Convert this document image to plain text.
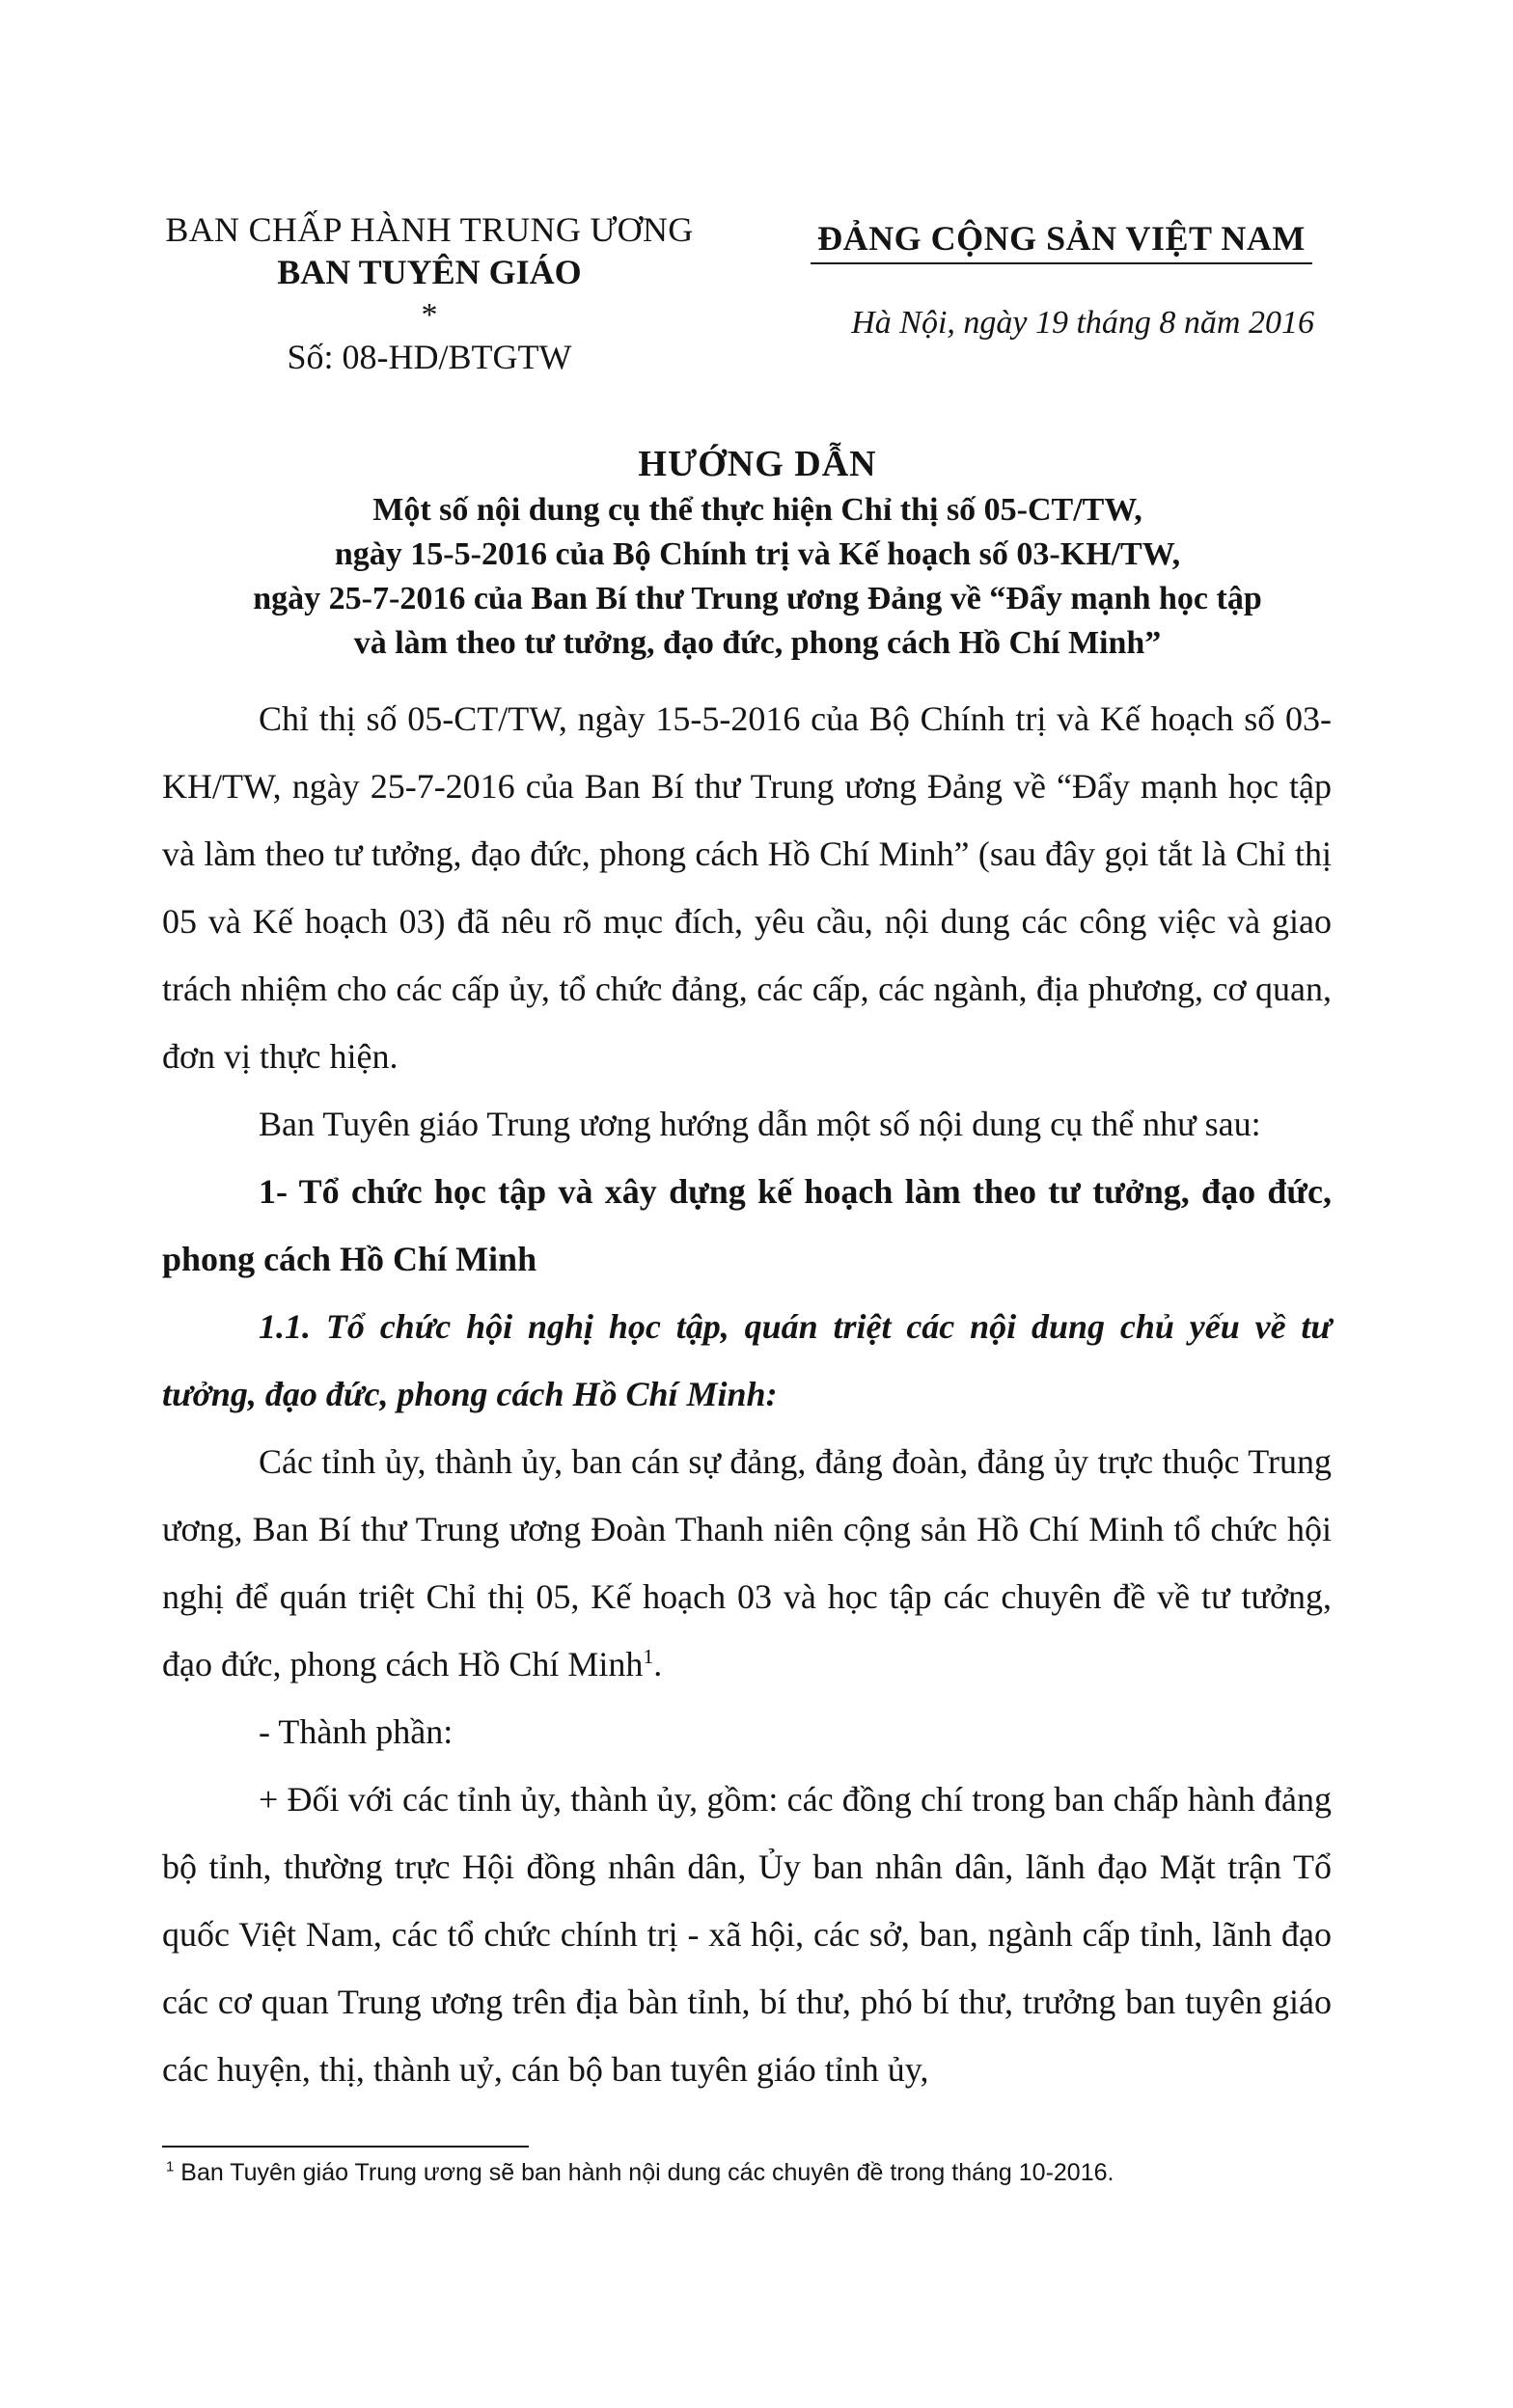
BAN CHẤP HÀNH TRUNG ƯƠNG
BAN TUYÊN GIÁO
*
Số: 08-HD/BTGTW
ĐẢNG CỘNG SẢN VIỆT NAM
Hà Nội, ngày 19 tháng 8 năm 2016
HƯỚNG DẪN
Một số nội dung cụ thể thực hiện Chỉ thị số 05-CT/TW,
ngày 15-5-2016 của Bộ Chính trị và Kế hoạch số 03-KH/TW,
ngày 25-7-2016 của Ban Bí thư Trung ương Đảng về “Đẩy mạnh học tập
và làm theo tư tưởng, đạo đức, phong cách Hồ Chí Minh”

Chỉ thị số 05-CT/TW, ngày 15-5-2016 của Bộ Chính trị và Kế hoạch số 03-KH/TW, ngày 25-7-2016 của Ban Bí thư Trung ương Đảng về “Đẩy mạnh học tập và làm theo tư tưởng, đạo đức, phong cách Hồ Chí Minh” (sau đây gọi tắt là Chỉ thị 05 và Kế hoạch 03) đã nêu rõ mục đích, yêu cầu, nội dung các công việc và giao trách nhiệm cho các cấp ủy, tổ chức đảng, các cấp, các ngành, địa phương, cơ quan, đơn vị thực hiện.

Ban Tuyên giáo Trung ương hướng dẫn một số nội dung cụ thể như sau:

1- Tổ chức học tập và xây dựng kế hoạch làm theo tư tưởng, đạo đức, phong cách Hồ Chí Minh

1.1. Tổ chức hội nghị học tập, quán triệt các nội dung chủ yếu về tư tưởng, đạo đức, phong cách Hồ Chí Minh:

Các tỉnh ủy, thành ủy, ban cán sự đảng, đảng đoàn, đảng ủy trực thuộc Trung ương, Ban Bí thư Trung ương Đoàn Thanh niên cộng sản Hồ Chí Minh tổ chức hội nghị để quán triệt Chỉ thị 05, Kế hoạch 03 và học tập các chuyên đề về tư tưởng, đạo đức, phong cách Hồ Chí Minh$^1$.

- Thành phần:

+ Đối với các tỉnh ủy, thành ủy, gồm: các đồng chí trong ban chấp hành đảng bộ tỉnh, thường trực Hội đồng nhân dân, Ủy ban nhân dân, lãnh đạo Mặt trận Tổ quốc Việt Nam, các tổ chức chính trị - xã hội, các sở, ban, ngành cấp tỉnh, lãnh đạo các cơ quan Trung ương trên địa bàn tỉnh, bí thư, phó bí thư, trưởng ban tuyên giáo các huyện, thị, thành uỷ, cán bộ ban tuyên giáo tỉnh ủy,

$^1$ Ban Tuyên giáo Trung ương sẽ ban hành nội dung các chuyên đề trong tháng 10-2016.
